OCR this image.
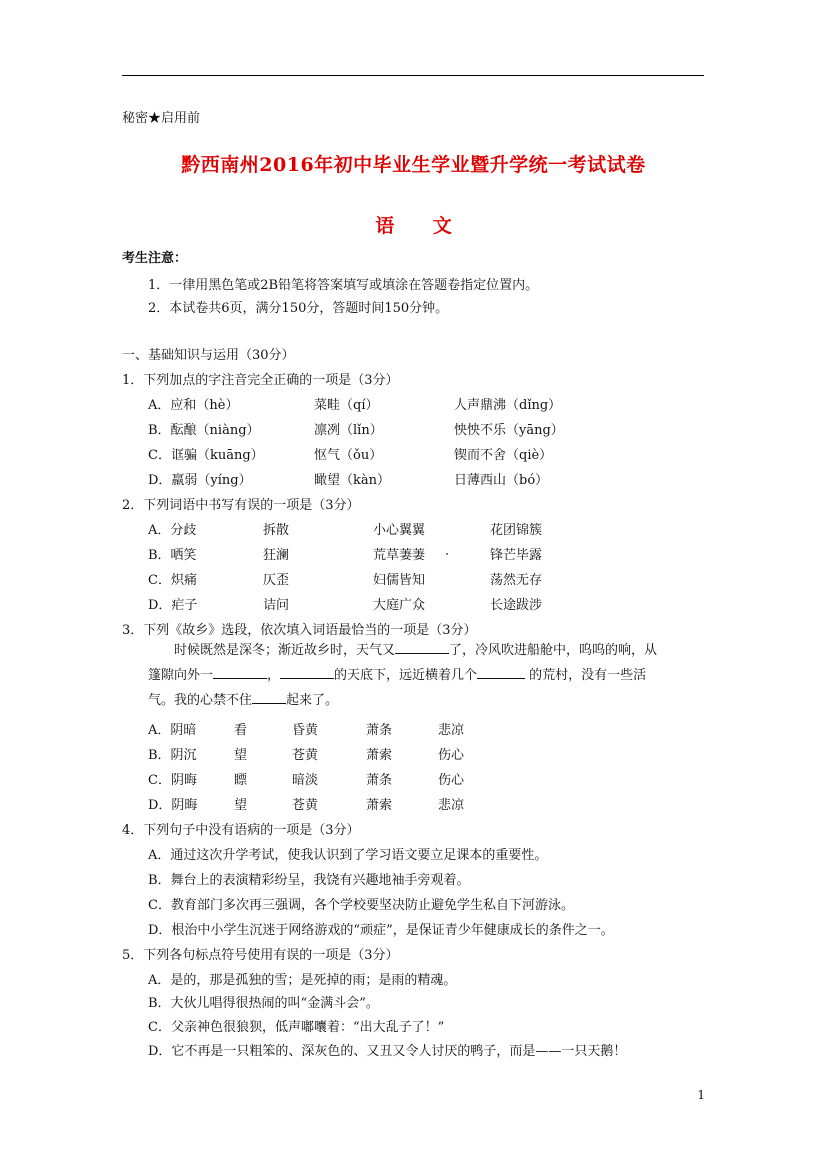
秘密★启用前
黔西南州2016年初中毕业生学业暨升学统一考试试卷
语 文
考生注意：
1．一律用黑色笔或2B铅笔将答案填写或填涂在答题卷指定位置内。
2．本试卷共6页，满分150分，答题时间150分钟。
一、基础知识与运用（30分）
1．下列加点的字注音完全正确的一项是（3分）
A．应和（hè）	菜畦（qí）	人声鼎沸（dǐng）
B．酝酿（niàng）	凛冽（lǐn）	怏怏不乐（yāng）
C．诓骗（kuāng）	怄气（ǒu）	锲而不舍（qiè）
D．羸弱（yíng）	瞰望（kàn）	日薄西山（bó）
2．下列词语中书写有误的一项是（3分）
A．分歧	拆散	小心翼翼	花团锦簇
B．哂笑	狂澜	荒草萋萋	锋芒毕露
C．炽痛	仄歪	妇儒皆知	荡然无存
D．疟子	诘问	大庭广众	长途跋涉
3．下列《故乡》选段，依次填入词语最恰当的一项是（3分）
时候既然是深冬；渐近故乡时，天气又	了，冷风吹进船舱中，呜呜的响，从
篷隙向外一	，	的天底下，远近横着几个	的荒村，没有一些活
气。我的心禁不住	起来了。
A．阴暗	看	昏黄	萧条	悲凉
B．阴沉	望	苍黄	萧索	伤心
C．阴晦	瞟	暗淡	萧条	伤心
D．阴晦	望	苍黄	萧索	悲凉
4．下列句子中没有语病的一项是（3分）
A．通过这次升学考试，使我认识到了学习语文要立足课本的重要性。
B．舞台上的表演精彩纷呈，我饶有兴趣地袖手旁观着。
C．教育部门多次再三强调，各个学校要坚决防止避免学生私自下河游泳。
D．根治中小学生沉迷于网络游戏的“顽症”，是保证青少年健康成长的条件之一。
5．下列各句标点符号使用有误的一项是（3分）
A．是的，那是孤独的雪；是死掉的雨；是雨的精魂。
B．大伙儿唱得很热闹的叫“金满斗会”。
C．父亲神色很狼狈，低声嘟囔着：“出大乱子了！”
D．它不再是一只粗笨的、深灰色的、又丑又令人讨厌的鸭子，而是——一只天鹅！
1
